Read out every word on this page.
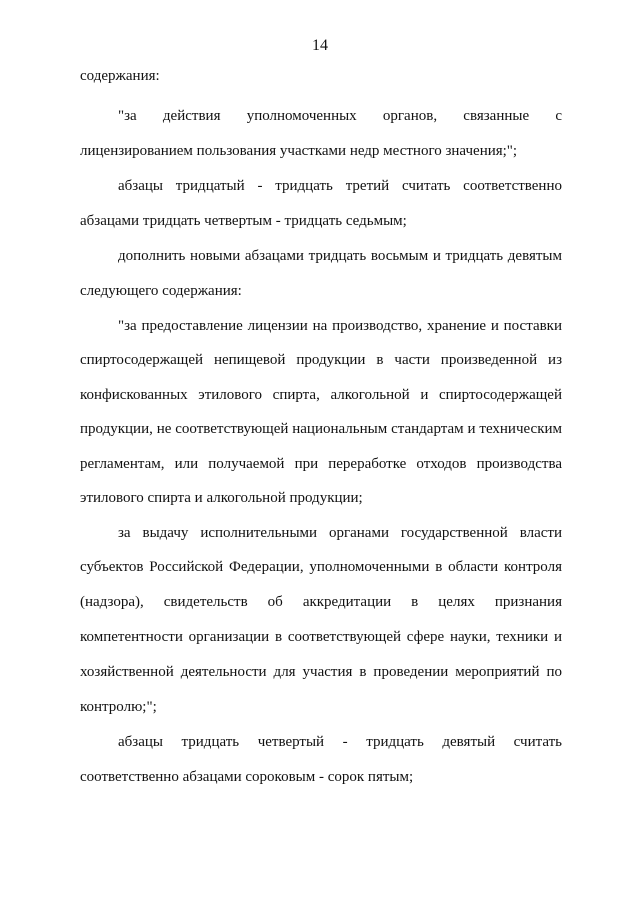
14
содержания:
"за действия уполномоченных органов, связанные с
лицензированием пользования участками недр местного значения;";
абзацы тридцатый - тридцать третий считать соответственно
абзацами тридцать четвертым - тридцать седьмым;
дополнить новыми абзацами тридцать восьмым и тридцать девятым
следующего содержания:
"за предоставление лицензии на производство, хранение и поставки
спиртосодержащей непищевой продукции в части произведенной из
конфискованных этилового спирта, алкогольной и спиртосодержащей
продукции, не соответствующей национальным стандартам и техническим
регламентам, или получаемой при переработке отходов производства
этилового спирта и алкогольной продукции;
за выдачу исполнительными органами государственной власти
субъектов Российской Федерации, уполномоченными в области контроля
(надзора), свидетельств об аккредитации в целях признания
компетентности организации в соответствующей сфере науки, техники и
хозяйственной деятельности для участия в проведении мероприятий по
контролю;";
абзацы тридцать четвертый - тридцать девятый считать
соответственно абзацами сороковым - сорок пятым;
